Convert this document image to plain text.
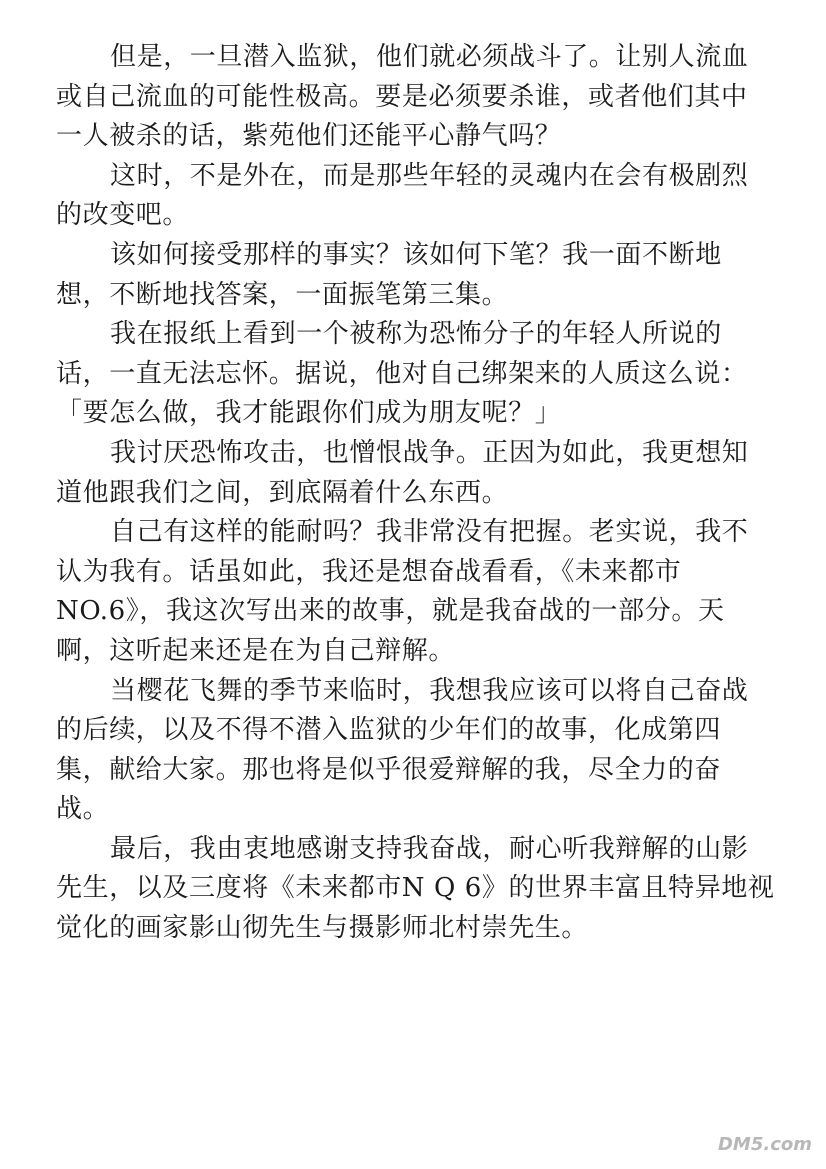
但是，一旦潜入监狱，他们就必须战斗了。让别人流血
或自己流血的可能性极高。要是必须要杀谁，或者他们其中
一人被杀的话，紫苑他们还能平心静气吗？
这时，不是外在，而是那些年轻的灵魂内在会有极剧烈
的改变吧。
该如何接受那样的事实？该如何下笔？我一面不断地
想，不断地找答案，一面振笔第三集。
我在报纸上看到一个被称为恐怖分子的年轻人所说的
话，一直无法忘怀。据说，他对自己绑架来的人质这么说：
「要怎么做，我才能跟你们成为朋友呢？」
我讨厌恐怖攻击，也憎恨战争。正因为如此，我更想知
道他跟我们之间，到底隔着什么东西。
自己有这样的能耐吗？我非常没有把握。老实说，我不
认为我有。话虽如此，我还是想奋战看看，《未来都市
NO.6》，我这次写出来的故事，就是我奋战的一部分。天
啊，这听起来还是在为自己辩解。
当樱花飞舞的季节来临时，我想我应该可以将自己奋战
的后续，以及不得不潜入监狱的少年们的故事，化成第四
集，献给大家。那也将是似乎很爱辩解的我，尽全力的奋
战。
最后，我由衷地感谢支持我奋战，耐心听我辩解的山影
先生，以及三度将《未来都市N Q 6》的世界丰富且特异地视
觉化的画家影山彻先生与摄影师北村崇先生。
DM5.com
